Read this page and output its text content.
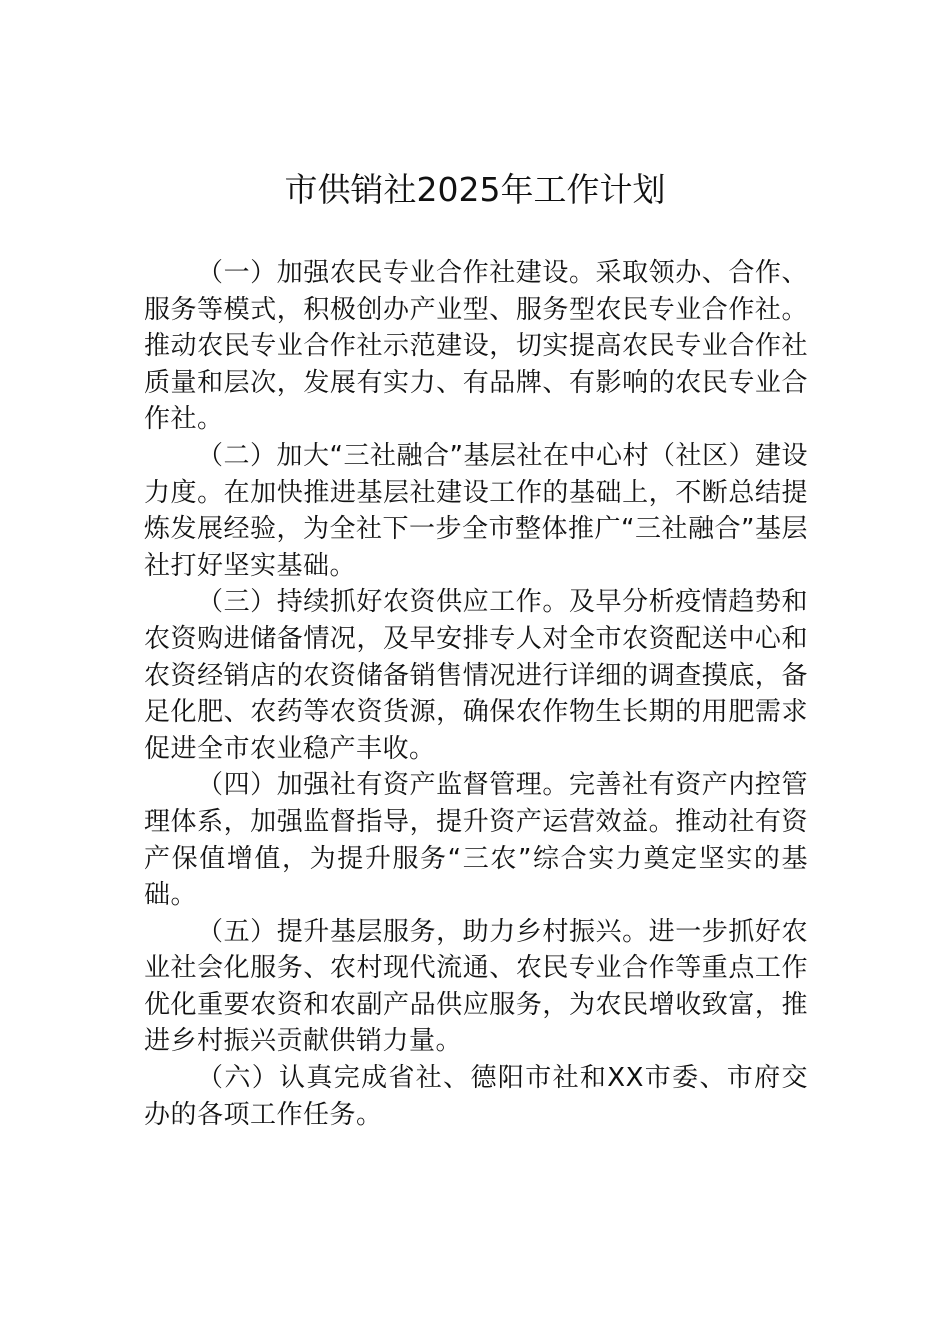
市供销社2025年工作计划

（一）加强农民专业合作社建设。采取领办、合作、服务等模式，积极创办产业型、服务型农民专业合作社。推动农民专业合作社示范建设，切实提高农民专业合作社质量和层次，发展有实力、有品牌、有影响的农民专业合作社。

（二）加大“三社融合”基层社在中心村（社区）建设力度。在加快推进基层社建设工作的基础上，不断总结提炼发展经验，为全社下一步全市整体推广“三社融合”基层社打好坚实基础。

（三）持续抓好农资供应工作。及早分析疫情趋势和农资购进储备情况，及早安排专人对全市农资配送中心和农资经销店的农资储备销售情况进行详细的调查摸底，备足化肥、农药等农资货源，确保农作物生长期的用肥需求促进全市农业稳产丰收。

（四）加强社有资产监督管理。完善社有资产内控管理体系，加强监督指导，提升资产运营效益。推动社有资产保值增值，为提升服务“三农”综合实力奠定坚实的基础。

（五）提升基层服务，助力乡村振兴。进一步抓好农业社会化服务、农村现代流通、农民专业合作等重点工作优化重要农资和农副产品供应服务，为农民增收致富，推进乡村振兴贡献供销力量。

（六）认真完成省社、德阳市社和XX市委、市府交办的各项工作任务。
